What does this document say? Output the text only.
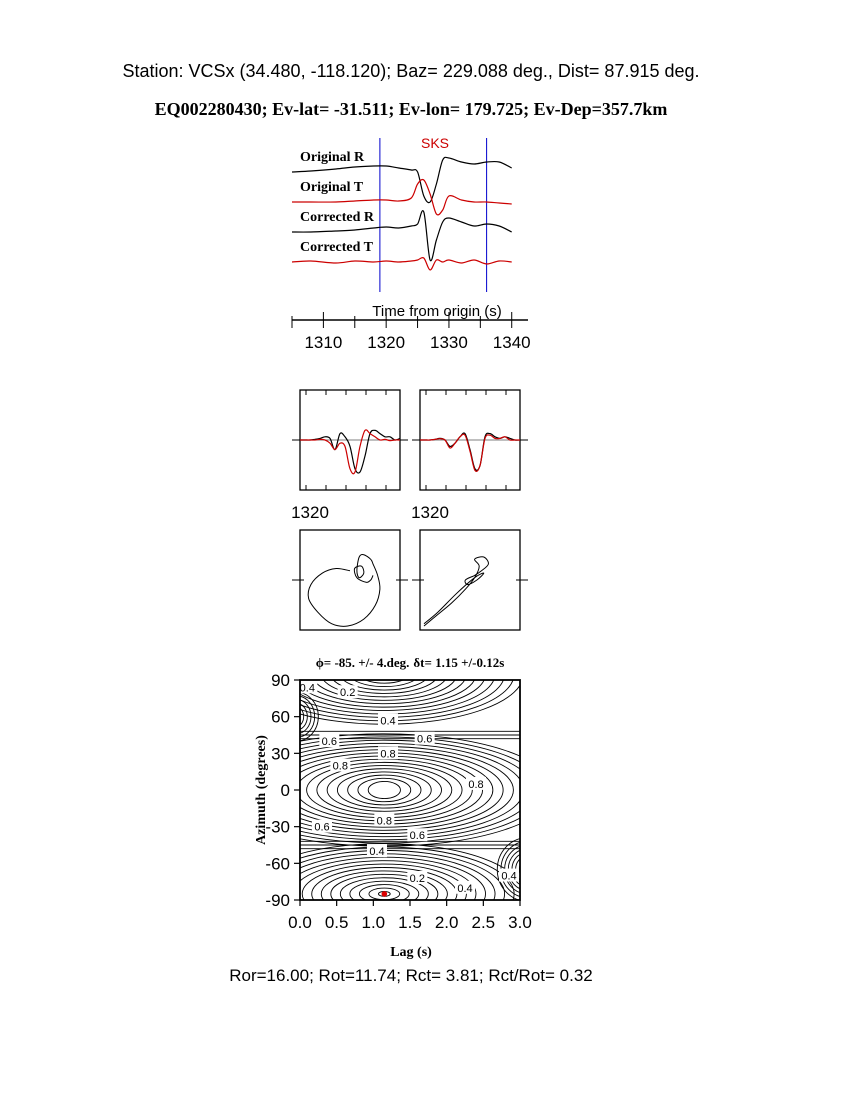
Station: VCSx (34.480, -118.120); Baz= 229.088 deg., Dist= 87.915 deg.
EQ002280430; Ev-lat= -31.511; Ev-lon= 179.725; Ev-Dep=357.7km
SKS
Original R
Original T
Corrected R
Corrected T
1310 1320 1330 1340
Time from origin (s)
1320	1320
ϕ= -85. +/- 4.deg. δt= 1.15 +/-0.12s
0.4 0.2
0.4
0.6
0.6
0.8
0.8
0.8
0.8
0.6
0.6
0.4
0.2
0.4
0.4
-90
-60
-30
0
30
60
90
0.0 0.5 1.0 1.5 2.0 2.5 3.0
Lag (s)
Azimuth (degrees)
Ror=16.00; Rot=11.74; Rct= 3.81; Rct/Rot= 0.32
